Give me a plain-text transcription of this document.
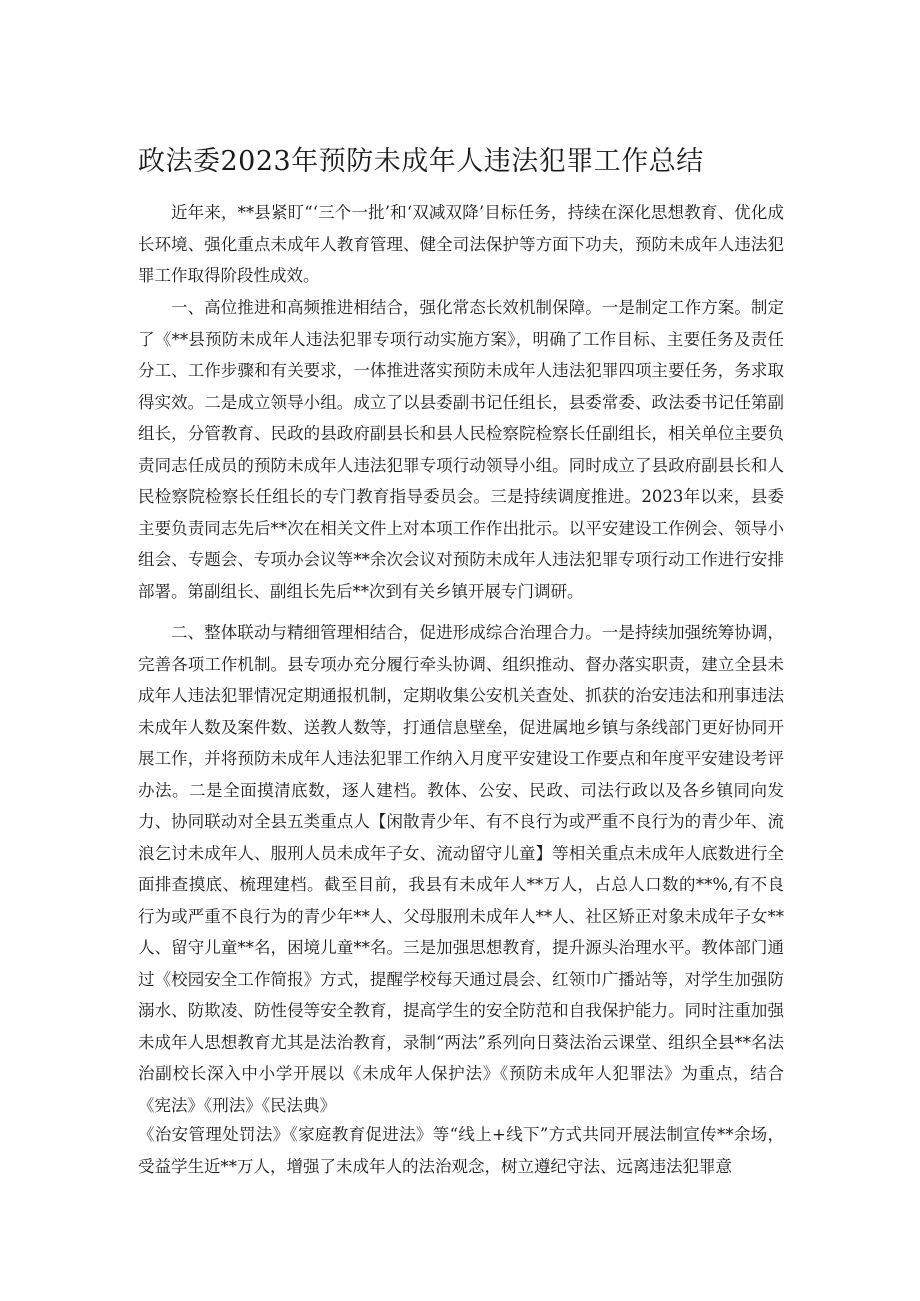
政法委2023年预防未成年人违法犯罪工作总结

近年来，**县紧盯“‘三个一批’和‘双减双降’目标任务，持续在深化思想教育、优化成长环境、强化重点未成年人教育管理、健全司法保护等方面下功夫，预防未成年人违法犯罪工作取得阶段性成效。

一、高位推进和高频推进相结合，强化常态长效机制保障。一是制定工作方案。制定了《**县预防未成年人违法犯罪专项行动实施方案》，明确了工作目标、主要任务及责任分工、工作步骤和有关要求，一体推进落实预防未成年人违法犯罪四项主要任务，务求取得实效。二是成立领导小组。成立了以县委副书记任组长，县委常委、政法委书记任第副组长，分管教育、民政的县政府副县长和县人民检察院检察长任副组长，相关单位主要负责同志任成员的预防未成年人违法犯罪专项行动领导小组。同时成立了县政府副县长和人民检察院检察长任组长的专门教育指导委员会。三是持续调度推进。2023年以来，县委主要负责同志先后**次在相关文件上对本项工作作出批示。以平安建设工作例会、领导小组会、专题会、专项办会议等**余次会议对预防未成年人违法犯罪专项行动工作进行安排部署。第副组长、副组长先后**次到有关乡镇开展专门调研。

二、整体联动与精细管理相结合，促进形成综合治理合力。一是持续加强统筹协调，完善各项工作机制。县专项办充分履行牵头协调、组织推动、督办落实职责，建立全县未成年人违法犯罪情况定期通报机制，定期收集公安机关查处、抓获的治安违法和刑事违法未成年人数及案件数、送教人数等，打通信息壁垒，促进属地乡镇与条线部门更好协同开展工作，并将预防未成年人违法犯罪工作纳入月度平安建设工作要点和年度平安建设考评办法。二是全面摸清底数，逐人建档。教体、公安、民政、司法行政以及各乡镇同向发力、协同联动对全县五类重点人【闲散青少年、有不良行为或严重不良行为的青少年、流浪乞讨未成年人、服刑人员未成年子女、流动留守儿童】等相关重点未成年人底数进行全面排查摸底、梳理建档。截至目前，我县有未成年人**万人，占总人口数的**%,有不良行为或严重不良行为的青少年**人、父母服刑未成年人**人、社区矫正对象未成年子女**人、留守儿童**名，困境儿童**名。三是加强思想教育，提升源头治理水平。教体部门通过《校园安全工作简报》方式，提醒学校每天通过晨会、红领巾广播站等，对学生加强防溺水、防欺凌、防性侵等安全教育，提高学生的安全防范和自我保护能力。同时注重加强未成年人思想教育尤其是法治教育，录制“两法”系列向日葵法治云课堂、组织全县**名法治副校长深入中小学开展以《未成年人保护法》《预防未成年人犯罪法》为重点，结合《宪法》《刑法》《民法典》

《治安管理处罚法》《家庭教育促进法》等“线上+线下”方式共同开展法制宣传**余场，受益学生近**万人，增强了未成年人的法治观念，树立遵纪守法、远离违法犯罪意
